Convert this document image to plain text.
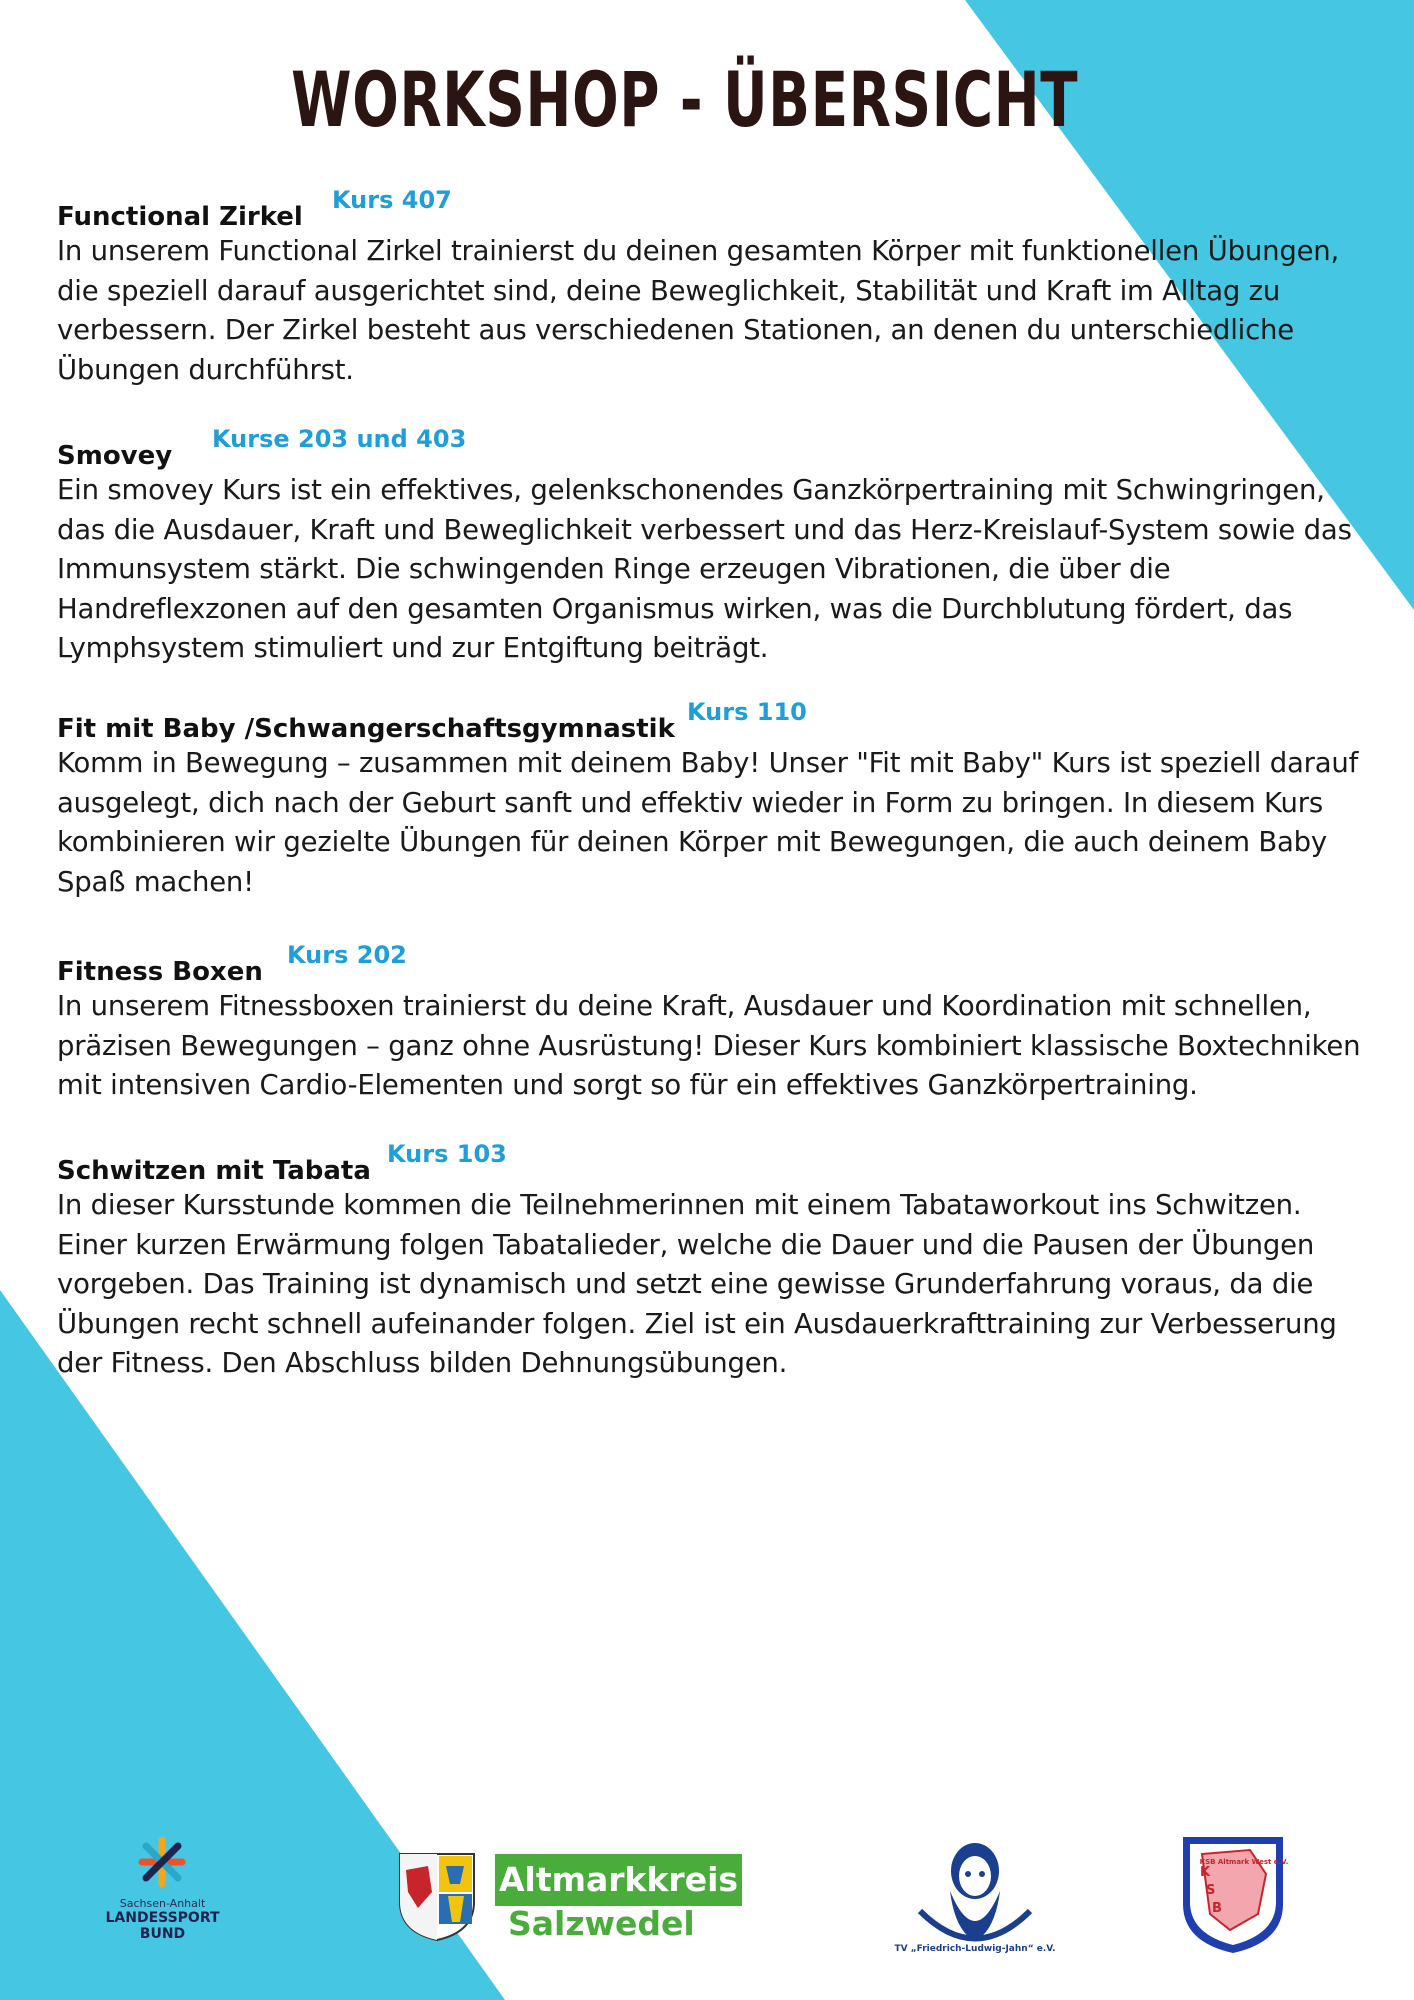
WORKSHOP - ÜBERSICHT
Functional Zirkel
Kurs 407

In unserem Functional Zirkel trainierst du deinen gesamten Körper mit funktionellen Übungen, die speziell darauf ausgerichtet sind, deine Beweglichkeit, Stabilität und Kraft im Alltag zu verbessern. Der Zirkel besteht aus verschiedenen Stationen, an denen du unterschiedliche Übungen durchführst.

Smovey
Kurse 203 und 403

Ein smovey Kurs ist ein effektives, gelenkschonendes Ganzkörpertraining mit Schwingringen, das die Ausdauer, Kraft und Beweglichkeit verbessert und das Herz-Kreislauf-System sowie das Immunsystem stärkt. Die schwingenden Ringe erzeugen Vibrationen, die über die Handreflexzonen auf den gesamten Organismus wirken, was die Durchblutung fördert, das Lymphsystem stimuliert und zur Entgiftung beiträgt.

Fit mit Baby /Schwangerschaftsgymnastik
Kurs 110

Komm in Bewegung – zusammen mit deinem Baby! Unser "Fit mit Baby" Kurs ist speziell darauf ausgelegt, dich nach der Geburt sanft und effektiv wieder in Form zu bringen. In diesem Kurs kombinieren wir gezielte Übungen für deinen Körper mit Bewegungen, die auch deinem Baby Spaß machen!

Fitness Boxen
Kurs 202

In unserem Fitnessboxen trainierst du deine Kraft, Ausdauer und Koordination mit schnellen, präzisen Bewegungen – ganz ohne Ausrüstung! Dieser Kurs kombiniert klassische Boxtechniken mit intensiven Cardio-Elementen und sorgt so für ein effektives Ganzkörpertraining.

Schwitzen mit Tabata
Kurs 103

In dieser Kursstunde kommen die Teilnehmerinnen mit einem Tabataworkout ins Schwitzen. Einer kurzen Erwärmung folgen Tabatalieder, welche die Dauer und die Pausen der Übungen vorgeben. Das Training ist dynamisch und setzt eine gewisse Grunderfahrung voraus, da die Übungen recht schnell aufeinander folgen. Ziel ist ein Ausdauerkrafttraining zur Verbesserung der Fitness. Den Abschluss bilden Dehnungsübungen.

Sachsen-Anhalt
LANDESSPORT
BUND
Altmarkkreis
Salzwedel
TV „Friedrich-Ludwig-Jahn“ e.V.
K
S
B
KSB Altmark West e.V.
